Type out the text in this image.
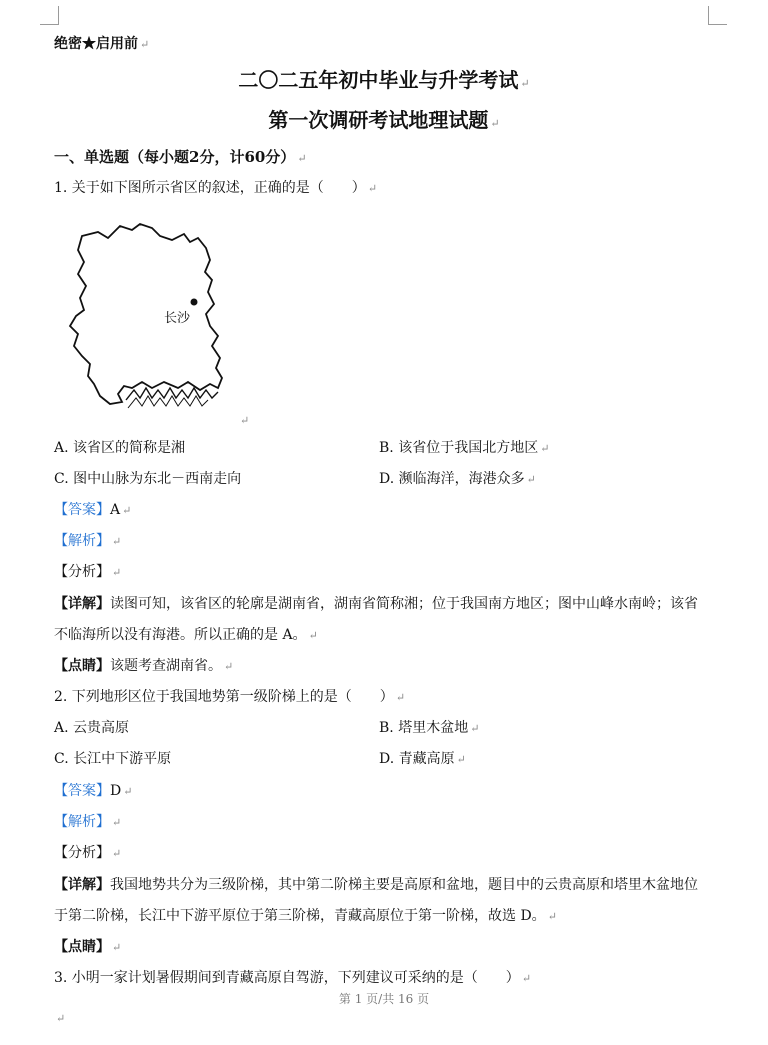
绝密★启用前 ↵
二〇二五年初中毕业与升学考试 ↵
第一次调研考试地理试题 ↵
一、单选题（每小题2分，计60分） ↵
1. 关于如下图所示省区的叙述，正确的是（　　） ↵
长沙
↵
A. 该省区的简称是湘	B. 该省位于我国北方地区 ↵
C. 图中山脉为东北－西南走向	D. 濒临海洋，海港众多 ↵
【答案】A ↵
【解析】 ↵
【分析】 ↵
【详解】读图可知，该省区的轮廓是湖南省，湖南省简称湘；位于我国南方地区；图中山峰水南岭；该省
不临海所以没有海港。所以正确的是 A。 ↵
【点睛】该题考查湖南省。 ↵
2. 下列地形区位于我国地势第一级阶梯上的是（　　） ↵
A. 云贵高原	B. 塔里木盆地 ↵
C. 长江中下游平原	D. 青藏高原 ↵
【答案】D ↵
【解析】 ↵
【分析】 ↵
【详解】我国地势共分为三级阶梯，其中第二阶梯主要是高原和盆地，题目中的云贵高原和塔里木盆地位
于第二阶梯，长江中下游平原位于第三阶梯，青藏高原位于第一阶梯，故选 D。 ↵
【点睛】 ↵
3. 小明一家计划暑假期间到青藏高原自驾游，下列建议可采纳的是（　　） ↵
第 1 页/共 16 页
↵
